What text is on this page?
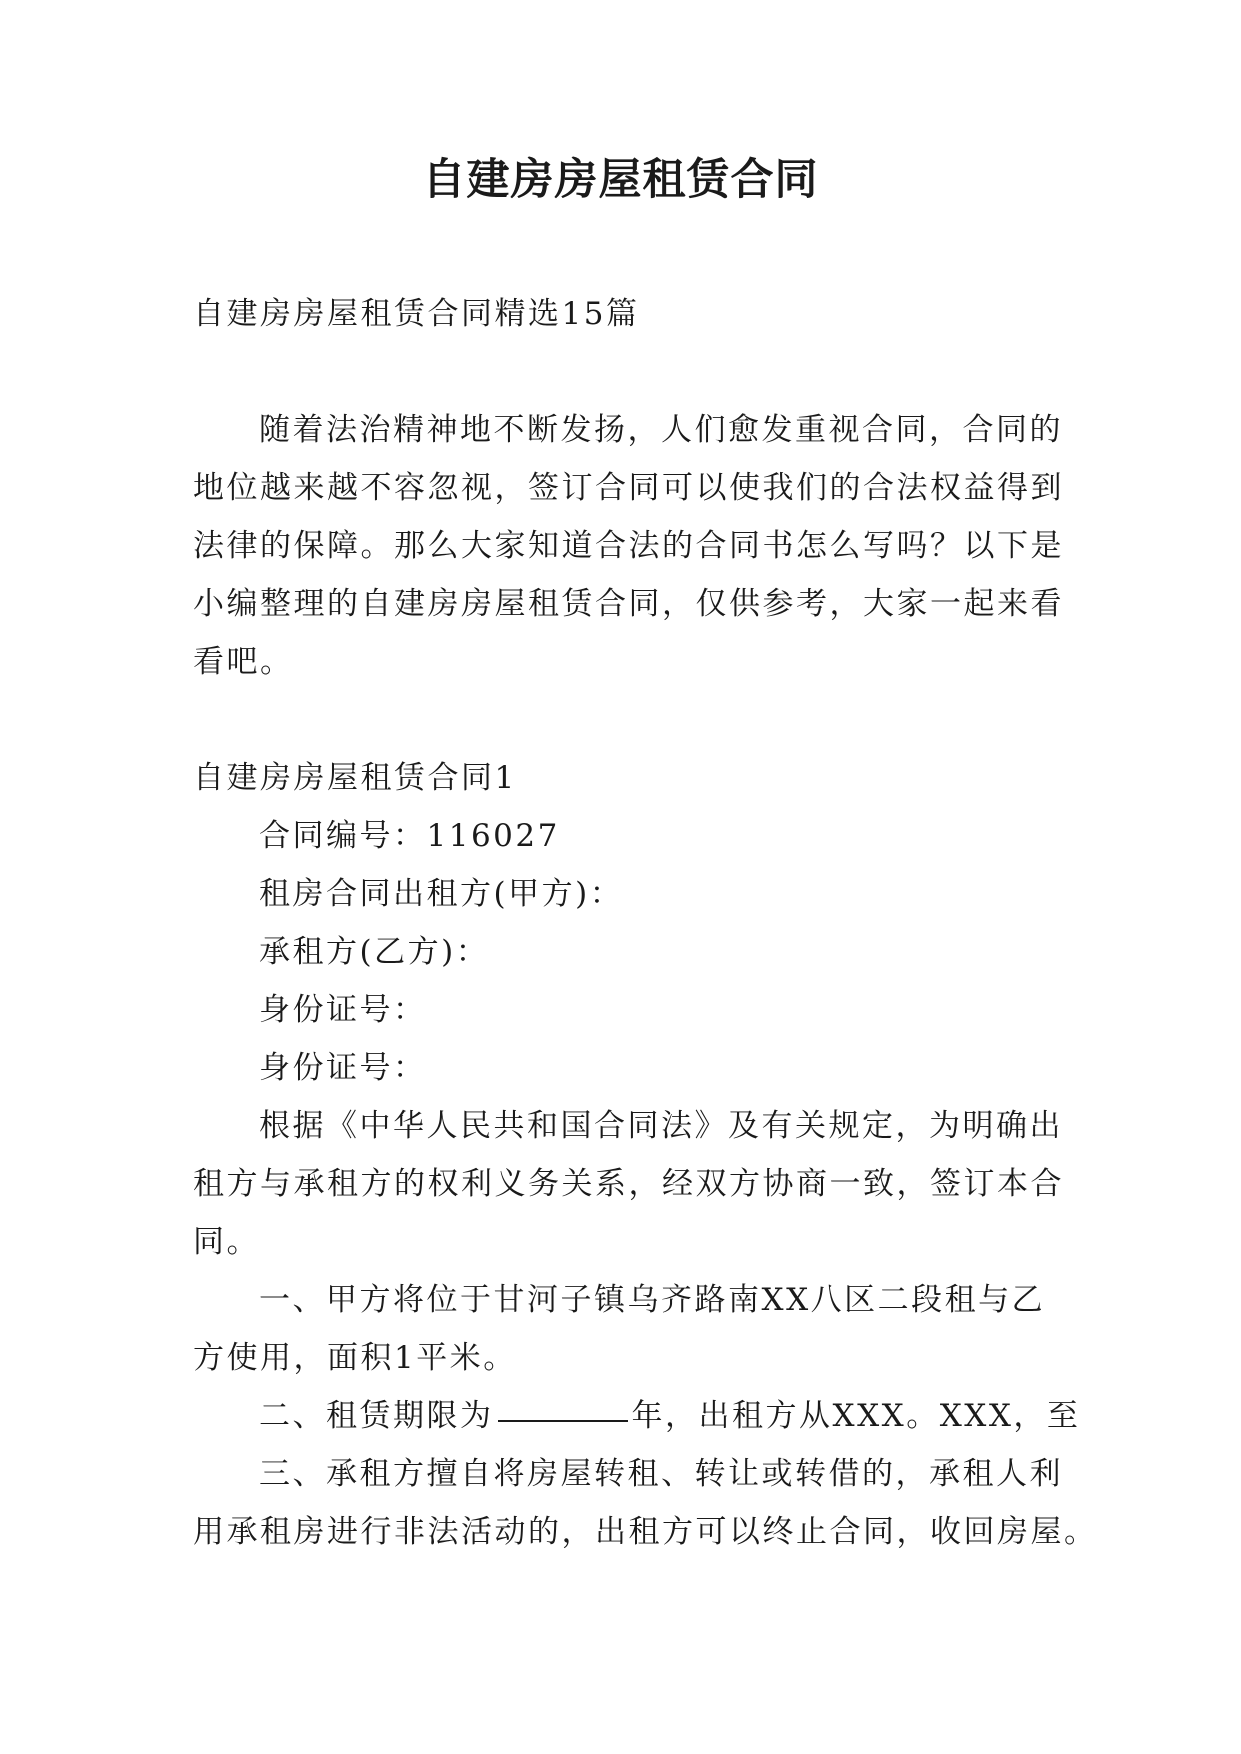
自建房房屋租赁合同

自建房房屋租赁合同精选15篇

随着法治精神地不断发扬，人们愈发重视合同，合同的

地位越来越不容忽视，签订合同可以使我们的合法权益得到

法律的保障。那么大家知道合法的合同书怎么写吗？以下是

小编整理的自建房房屋租赁合同，仅供参考，大家一起来看

看吧。

自建房房屋租赁合同1

合同编号：116027

租房合同出租方(甲方)：

承租方(乙方)：

身份证号：

身份证号：

根据《中华人民共和国合同法》及有关规定，为明确出

租方与承租方的权利义务关系，经双方协商一致，签订本合

同。

一、甲方将位于甘河子镇乌齐路南XX八区二段租与乙

方使用，面积1平米。

二、租赁期限为	年，出租方从XXX。XXX，至

三、承租方擅自将房屋转租、转让或转借的，承租人利

用承租房进行非法活动的，出租方可以终止合同，收回房屋。
